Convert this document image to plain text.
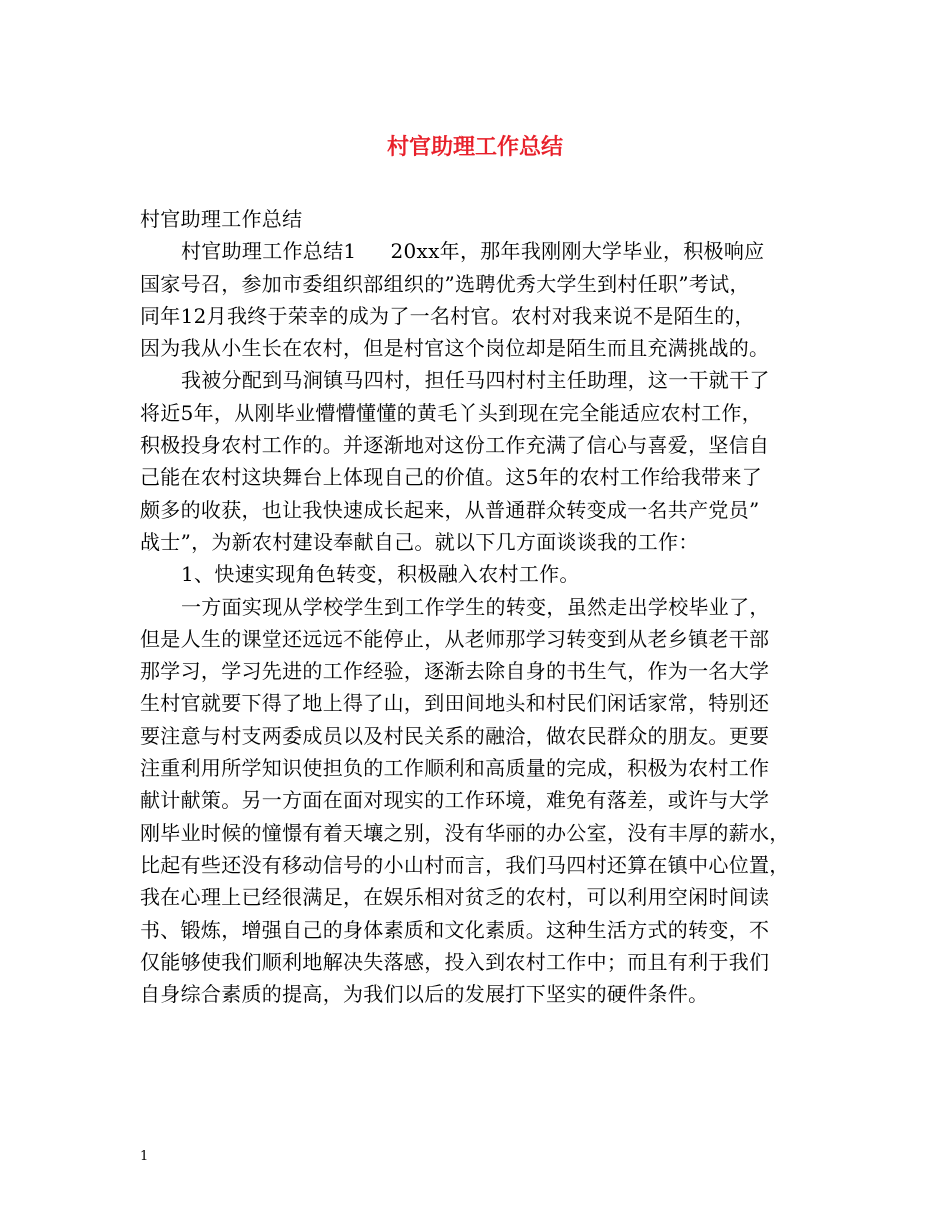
村官助理工作总结
村官助理工作总结
村官助理工作总结1 20xx年，那年我刚刚大学毕业，积极响应
国家号召，参加市委组织部组织的”选聘优秀大学生到村任职”考试，
同年12月我终于荣幸的成为了一名村官。农村对我来说不是陌生的，
因为我从小生长在农村，但是村官这个岗位却是陌生而且充满挑战的。
我被分配到马涧镇马四村，担任马四村村主任助理，这一干就干了
将近5年，从刚毕业懵懵懂懂的黄毛丫头到现在完全能适应农村工作，
积极投身农村工作的。并逐渐地对这份工作充满了信心与喜爱，坚信自
己能在农村这块舞台上体现自己的价值。这5年的农村工作给我带来了
颇多的收获，也让我快速成长起来，从普通群众转变成一名共产党员”
战士”，为新农村建设奉献自己。就以下几方面谈谈我的工作：
1、快速实现角色转变，积极融入农村工作。
一方面实现从学校学生到工作学生的转变，虽然走出学校毕业了，
但是人生的课堂还远远不能停止，从老师那学习转变到从老乡镇老干部
那学习，学习先进的工作经验，逐渐去除自身的书生气，作为一名大学
生村官就要下得了地上得了山，到田间地头和村民们闲话家常，特别还
要注意与村支两委成员以及村民关系的融洽，做农民群众的朋友。更要
注重利用所学知识使担负的工作顺利和高质量的完成，积极为农村工作
献计献策。另一方面在面对现实的工作环境，难免有落差，或许与大学
刚毕业时候的憧憬有着天壤之别，没有华丽的办公室，没有丰厚的薪水，
比起有些还没有移动信号的小山村而言，我们马四村还算在镇中心位置，
我在心理上已经很满足，在娱乐相对贫乏的农村，可以利用空闲时间读
书、锻炼，增强自己的身体素质和文化素质。这种生活方式的转变，不
仅能够使我们顺利地解决失落感，投入到农村工作中；而且有利于我们
自身综合素质的提高，为我们以后的发展打下坚实的硬件条件。
1
